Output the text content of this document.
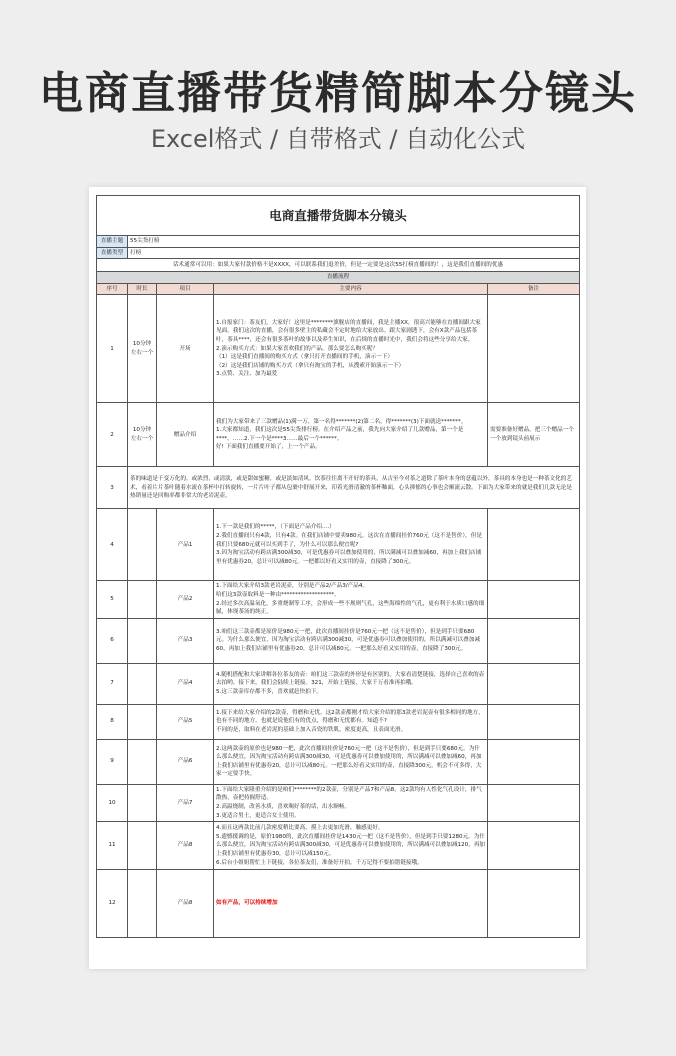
电商直播带货精简脚本分镜头
Excel格式 / 自带格式 / 自动化公式
电商直播带货脚本分镜头				
直播主题	55尖货打榜			
直播类型	打榜			
话术通常可以用：如果大家付款价格不是XXXX，可以联系我们退差价，但是一定要是这次55打榜直播间的！，这是我们直播间的优惠				
直播流程				
序号	时长	项目	主要内容	备注
1	10分钟 左右一个	开场	1.自报家门：茶友们，大家好！这里是********旗舰店的直播间，我是主播XX，很高兴能够在直播间跟大家见面。我们这次的直播，会有很多壁主的私藏会不定时地给大家放出。跟大家剧透下，会有X款产品包括茶叶，茶具****，还会有很多茶叶的故事以及养生知识，在后续的直播时光中，我们会将这些分享给大家。
2.演示购买方式：如果大家喜欢我们的产品，那么要怎么购买呢？
（1）这是我们直播间的购买方式（拿只打开直播间的手机，演示一下）
（2）这是我们店铺的购买方式（拿只有淘宝的手机，从搜索开始演示一下）
3.点赞、关注、加为最爱	

2	10分钟 左右一个	赠品介绍	我们为大家带来了三款赠品(1)满一万，第一名得*******(2)第二名，得*******(3)下面就送*******。
1.大家都知道，我们这次是55尖货排行榜，在介绍产品之前，我先向大家介绍了几款赠品，第一个是****。……2.下一个是****3……最后一个******。
好! 下面我们直播要开始了，上一个产品。	需要准备好赠品，把三个赠品一个一个放到镜头前展示
3	茶的味道是千变万化的，或浓烈，或清淡，或是甜如蜜糖，或是淡如清风。饮茶往往离不开好的茶具，从古至今对茶之道除了茶叶本身的意蕴以外，茶具的本身也是一种茶文化的艺术，看着片片茶叶随着水流在茶杯中打转旋转，一片片叶子都从包裹中舒展开来，印着光滑清澈的茶杯釉面，心头抑郁的心事也会顺流云散。下面为大家带来的就是我们几款无论是热销量还是回购率都非常大的老岩泥壶。			

4		产品1	1.下一款是我们的*****，（下面是产品介绍....）
2.我们直播间只有4款，只有4款。在我们店铺中要卖980元。这次在直播间挂价760元（这不是售价），但是我们只要680元就可以买到手了，为什么可以那么便宜呢?
3.因为淘宝活动有跨店满300减30，可是优惠券可以叠加使用的，所以满减可以叠加减60，再加上我们店铺里有优惠券20，总计可以减80元。一把都以好看又实用的壶，直接降了300元。	

5		产品2	1.下面给大家介绍3款老岩泥壶，分别是产品2/产品3/产品4。
哈们这3款壶取料是一种由*******************。
2.经过多次高温氧化，多重烧制等工序，会形成一些不规则气孔，这些海绵性的气孔，更有利于水质口感的细腻，体现茶汤的纯正。	

6		产品3	3.咱们这三款壶都是原价是980元一把，此次直播间挂价是760元一把（这不是售价），但是到手只要680元。为什么那么便宜，因为淘宝活动有跨店满300减30，可是优惠券可以叠加使用的，所以满减可以叠加减60，再加上我们店铺里有优惠券20，总计可以减80元。一把那么好看又实用的壶，直接降了300元。	

7		产品4	4.随机搭配和大家讲解各位茶友的壶：咱们这三款壶的外形是有区别的，大家看清楚链接，选择自己喜欢的壶去拍哟。接下来，我们会陆续上链接。321，开始上链接，大家千万看准再拍哦。
5.这三款壶库存都不多，喜欢就赶快拍下。	

8		产品5	1.接下来给大家介绍的2款壶，得磨和无忧。这2款壶都刚才给大家介绍的那3款老岩泥壶有很多相同的地方，也有不同的地方。也就是说他们有的优点，得磨和无忧都有。知道不?
不同的是，取料在老岩泥的基础上加入音瓷的铁肌，密度更高，且表面光滑。	

9		产品6	2.这两款壶的原价也是980一把，此次直播间挂价是760元一把（这不是售价），但是到手只要680元。为什么那么便宜，因为淘宝活动有跨店满300减30，可是优惠券可以叠加使用的，所以满减可以叠加减60，再加上我们店铺里有优惠券20，总计可以减80元。一把那么好看又实用的壶，直接降300元，机会不可多得，大家一定要手快。	

10		产品7	1.下面给大家隆重介绍的是咱们********的2款壶，分别是产品7和产品8。这2款均有人性化气孔设计，排气散热，壶把持握舒适。
2.高温烧制，改善水质，喜欢喝好茶的话，出水顺畅。
3.更适合男士，更适合女士使用。	

11		产品8	4.而且这两款比前几款密度稍比要高，摸上去更加光滑，触感更好。
5.遗憾援调的是，原价1980的，此次直播间挂价是1430元一把（这不是售价），但是到手只要1280元。为什么那么便宜，因为淘宝活动有跨店满300减30，可是优惠券可以叠加使用的，所以满减可以叠加减120，再加上我们店铺里有优惠券30，总计可以减150元。
6.后台小姐姐帮忙上下链接，各位茶友们，准备好开拍。千万记得不要拍错链接哦。	

12		产品8	如有产品，可以持续增加	
